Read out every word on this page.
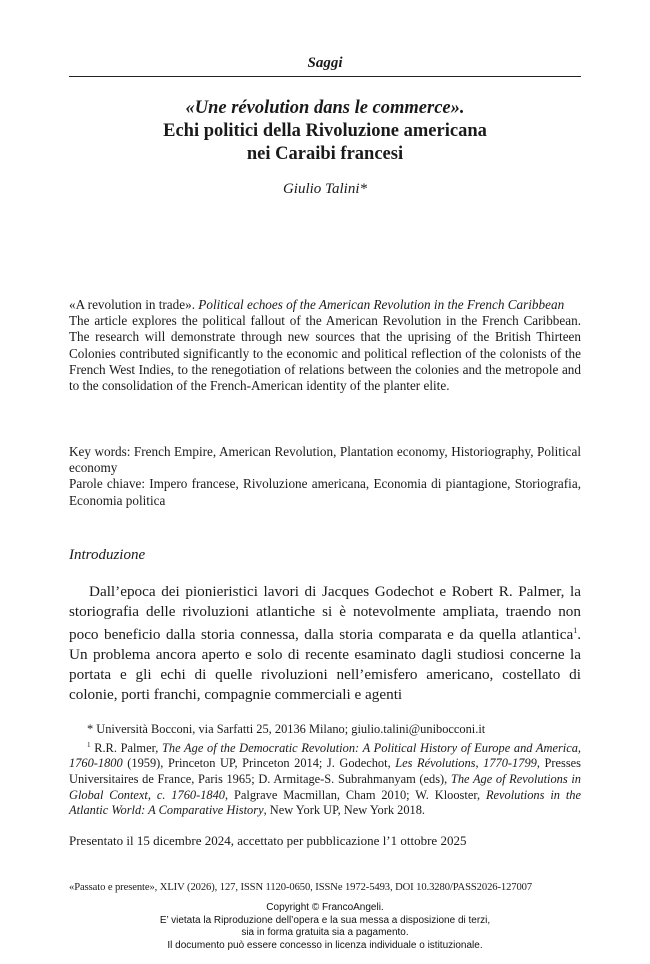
Saggi
«Une révolution dans le commerce».
Echi politici della Rivoluzione americana
nei Caraibi francesi
Giulio Talini*

«A revolution in trade». Political echoes of the American Revolution in the French Caribbean

The article explores the political fallout of the American Revolution in the French Caribbean. The research will demonstrate through new sources that the uprising of the British Thirteen Colonies contributed significantly to the economic and political reflection of the colonists of the French West Indies, to the renegotiation of relations between the colonies and the metropole and to the consolidation of the French-American identity of the planter elite.

Key words: French Empire, American Revolution, Plantation economy, Historiography, Political economy

Parole chiave: Impero francese, Rivoluzione americana, Economia di piantagione, Storiografia, Economia politica

Introduzione
Dall’epoca dei pionieristici lavori di Jacques Godechot e Robert R. Palmer, la storiografia delle rivoluzioni atlantiche si è notevolmente ampliata, traendo non poco beneficio dalla storia connessa, dalla storia comparata e da quella atlantica$^1$. Un problema ancora aperto e solo di recente esaminato dagli studiosi concerne la portata e gli echi di quelle rivoluzioni nell’emisfero americano, costellato di colonie, porti franchi, compagnie commerciali e agenti

* Università Bocconi, via Sarfatti 25, 20136 Milano; giulio.talini@unibocconi.it

$^1$ R.R. Palmer, The Age of the Democratic Revolution: A Political History of Europe and America, 1760-1800 (1959), Princeton UP, Princeton 2014; J. Godechot, Les Révolutions, 1770-1799, Presses Universitaires de France, Paris 1965; D. Armitage-S. Subrahmanyam (eds), The Age of Revolutions in Global Context, c. 1760-1840, Palgrave Macmillan, Cham 2010; W. Klooster, Revolutions in the Atlantic World: A Comparative History, New York UP, New York 2018.

Presentato il 15 dicembre 2024, accettato per pubblicazione l’1 ottobre 2025
«Passato e presente», XLIV (2026), 127, ISSN 1120-0650, ISSNe 1972-5493, DOI 10.3280/PASS2026-127007
Copyright © FrancoAngeli.
E’ vietata la Riproduzione dell’opera e la sua messa a disposizione di terzi,
sia in forma gratuita sia a pagamento.
Il documento può essere concesso in licenza individuale o istituzionale.
